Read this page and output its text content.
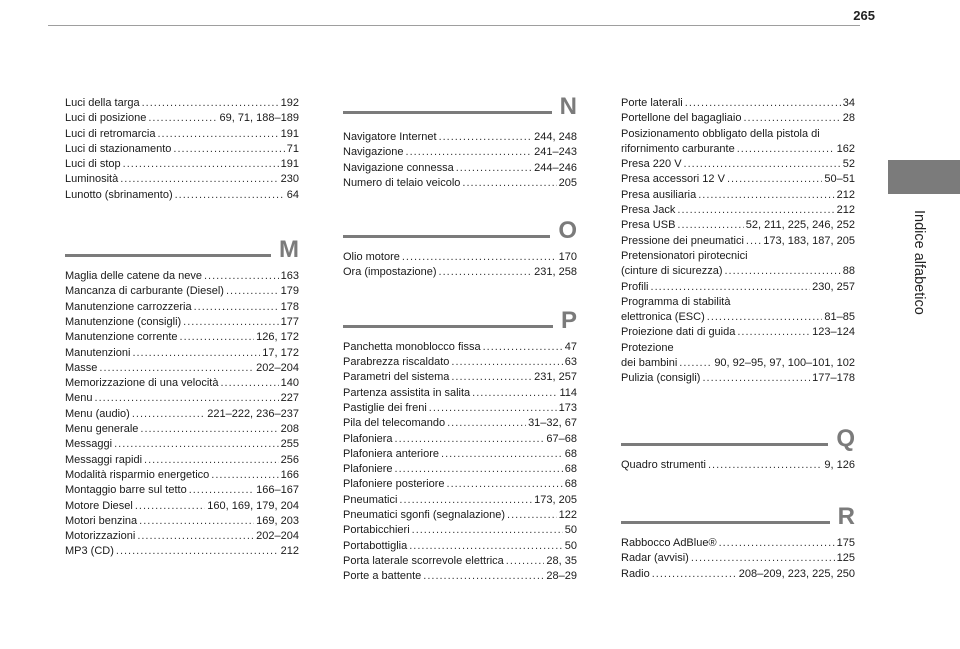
265
Indice alfabetico
Luci della targa .....	192
Luci di posizione .....	69, 71, 188–189
Luci di retromarcia .....	191
Luci di stazionamento .....	71
Luci di stop .....	191
Luminosità .....	230
Lunotto (sbrinamento) .....	64
M
Maglia delle catene da neve .....	163
Mancanza di carburante (Diesel) .....	179
Manutenzione carrozzeria .....	178
Manutenzione (consigli) .....	177
Manutenzione corrente .....	126, 172
Manutenzioni .....	17, 172
Masse .....	202–204
Memorizzazione di una velocità .....	140
Menu .....	227
Menu (audio) .....	221–222, 236–237
Menu generale .....	208
Messaggi .....	255
Messaggi rapidi .....	256
Modalità risparmio energetico .....	166
Montaggio barre sul tetto .....	166–167
Motore Diesel .....	160, 169, 179, 204
Motori benzina .....	169, 203
Motorizzazioni .....	202–204
MP3 (CD) .....	212
N
Navigatore Internet .....	244, 248
Navigazione .....	241–243
Navigazione connessa .....	244–246
Numero di telaio veicolo .....	205
O
Olio motore .....	170
Ora (impostazione) .....	231, 258
P
Panchetta monoblocco fissa .....	47
Parabrezza riscaldato .....	63
Parametri del sistema .....	231, 257
Partenza assistita in salita .....	114
Pastiglie dei freni .....	173
Pila del telecomando .....	31–32, 67
Plafoniera .....	67–68
Plafoniera anteriore .....	68
Plafoniere .....	68
Plafoniere posteriore .....	68
Pneumatici .....	173, 205
Pneumatici sgonfi (segnalazione) .....	122
Portabicchieri .....	50
Portabottiglia .....	50
Porta laterale scorrevole elettrica .....	28, 35
Porte a battente .....	28–29
Porte laterali .....	34
Portellone del bagagliaio .....	28
Posizionamento obbligato della pistola di
rifornimento carburante .....	162
Presa 220 V .....	52
Presa accessori 12 V .....	50–51
Presa ausiliaria .....	212
Presa Jack .....	212
Presa USB .....	52, 211, 225, 246, 252
Pressione dei pneumatici ..... 173, 183, 187, 205
Pretensionatori pirotecnici
(cinture di sicurezza) .....	88
Profili .....	230, 257
Programma di stabilità
elettronica (ESC) .....	81–85
Proiezione dati di guida .....	123–124
Protezione
dei bambini .....	90, 92–95, 97, 100–101, 102
Pulizia (consigli) .....	177–178
Q
Quadro strumenti .....	9, 126
R
Rabbocco AdBlue® .....	175
Radar (avvisi) .....	125
Radio .....	208–209, 223, 225, 250
